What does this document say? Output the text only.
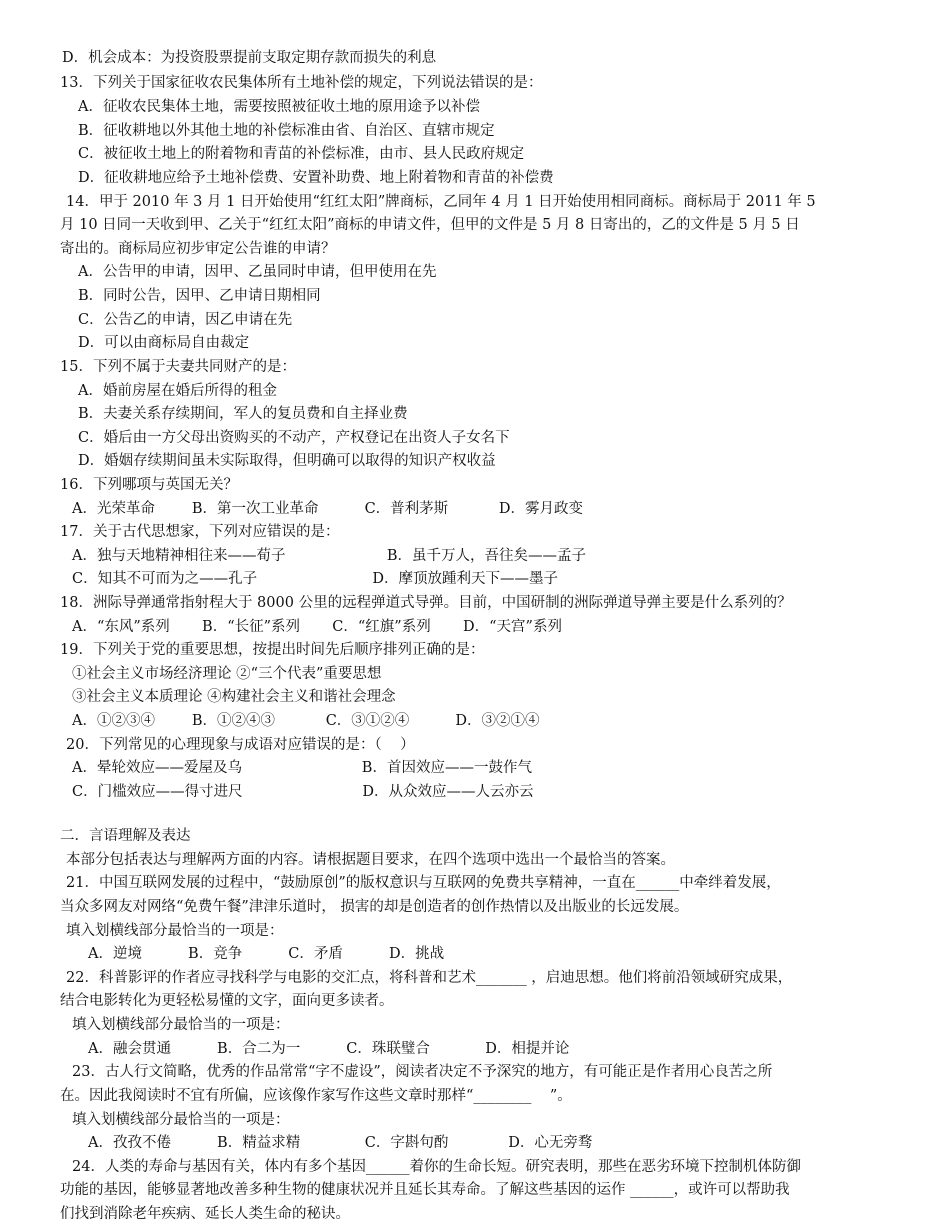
D．机会成本：为投资股票提前支取定期存款而损失的利息
13．下列关于国家征收农民集体所有土地补偿的规定，下列说法错误的是：
A．征收农民集体土地，需要按照被征收土地的原用途予以补偿
B．征收耕地以外其他土地的补偿标准由省、自治区、直辖市规定
C．被征收土地上的附着物和青苗的补偿标准，由市、县人民政府规定
D．征收耕地应给予土地补偿费、安置补助费、地上附着物和青苗的补偿费
14．甲于 2010 年 3 月 1 日开始使用“红红太阳”牌商标，乙同年 4 月 1 日开始使用相同商标。商标局于 2011 年 5
月 10 日同一天收到甲、乙关于“红红太阳”商标的申请文件，但甲的文件是 5 月 8 日寄出的，乙的文件是 5 月 5 日
寄出的。商标局应初步审定公告谁的申请？
A．公告甲的申请，因甲、乙虽同时申请，但甲使用在先
B．同时公告，因甲、乙申请日期相同
C．公告乙的申请，因乙申请在先
D．可以由商标局自由裁定
15．下列不属于夫妻共同财产的是：
A．婚前房屋在婚后所得的租金
B．夫妻关系存续期间，军人的复员费和自主择业费
C．婚后由一方父母出资购买的不动产，产权登记在出资人子女名下
D．婚姻存续期间虽未实际取得，但明确可以取得的知识产权收益
16．下列哪项与英国无关？
A．光荣革命        B．第一次工业革命          C．普利茅斯           D．雾月政变
17．关于古代思想家，下列对应错误的是：
A．独与天地精神相往来——荀子                      B．虽千万人，吾往矣——孟子
C．知其不可而为之——孔子                         D．摩顶放踵利天下——墨子
18．洲际导弹通常指射程大于 8000 公里的远程弹道式导弹。目前，中国研制的洲际弹道导弹主要是什么系列的？
A．“东风”系列       B．“长征”系列       C．“红旗”系列       D．“天宫”系列
19．下列关于党的重要思想，按提出时间先后顺序排列正确的是：
①社会主义市场经济理论 ②“三个代表”重要思想
③社会主义本质理论 ④构建社会主义和谐社会理念
A．①②③④        B．①②④③           C．③①②④          D．③②①④
20．下列常见的心理现象与成语对应错误的是：（    ）
A．晕轮效应——爱屋及乌                          B．首因效应——一鼓作气
C．门槛效应——得寸进尺                          D．从众效应——人云亦云
二．言语理解及表达
本部分包括表达与理解两方面的内容。请根据题目要求，在四个选项中选出一个最恰当的答案。
21．中国互联网发展的过程中，“鼓励原创”的版权意识与互联网的免费共享精神，一直在______中牵绊着发展，
当众多网友对网络“免费午餐”津津乐道时， 损害的却是创造者的创作热情以及出版业的长远发展。
填入划横线部分最恰当的一项是：
A．逆境          B．竞争          C．矛盾          D．挑战
22．科普影评的作者应寻找科学与电影的交汇点，将科普和艺术_______ ，启迪思想。他们将前沿领域研究成果，
结合电影转化为更轻松易懂的文字，面向更多读者。
填入划横线部分最恰当的一项是：
A．融会贯通          B．合二为一          C．珠联璧合            D．相提并论
23．古人行文简略，优秀的作品常常“字不虚设”，阅读者决定不予深究的地方，有可能正是作者用心良苦之所
在。因此我阅读时不宜有所偏，应该像作家写作这些文章时那样“________    ”。
填入划横线部分最恰当的一项是：
A．孜孜不倦          B．精益求精              C．字斟句酌             D．心无旁骛
24．人类的寿命与基因有关，体内有多个基因______着你的生命长短。研究表明，那些在恶劣环境下控制机体防御
功能的基因，能够显著地改善多种生物的健康状况并且延长其寿命。了解这些基因的运作 ______，或许可以帮助我
们找到消除老年疾病、延长人类生命的秘诀。
